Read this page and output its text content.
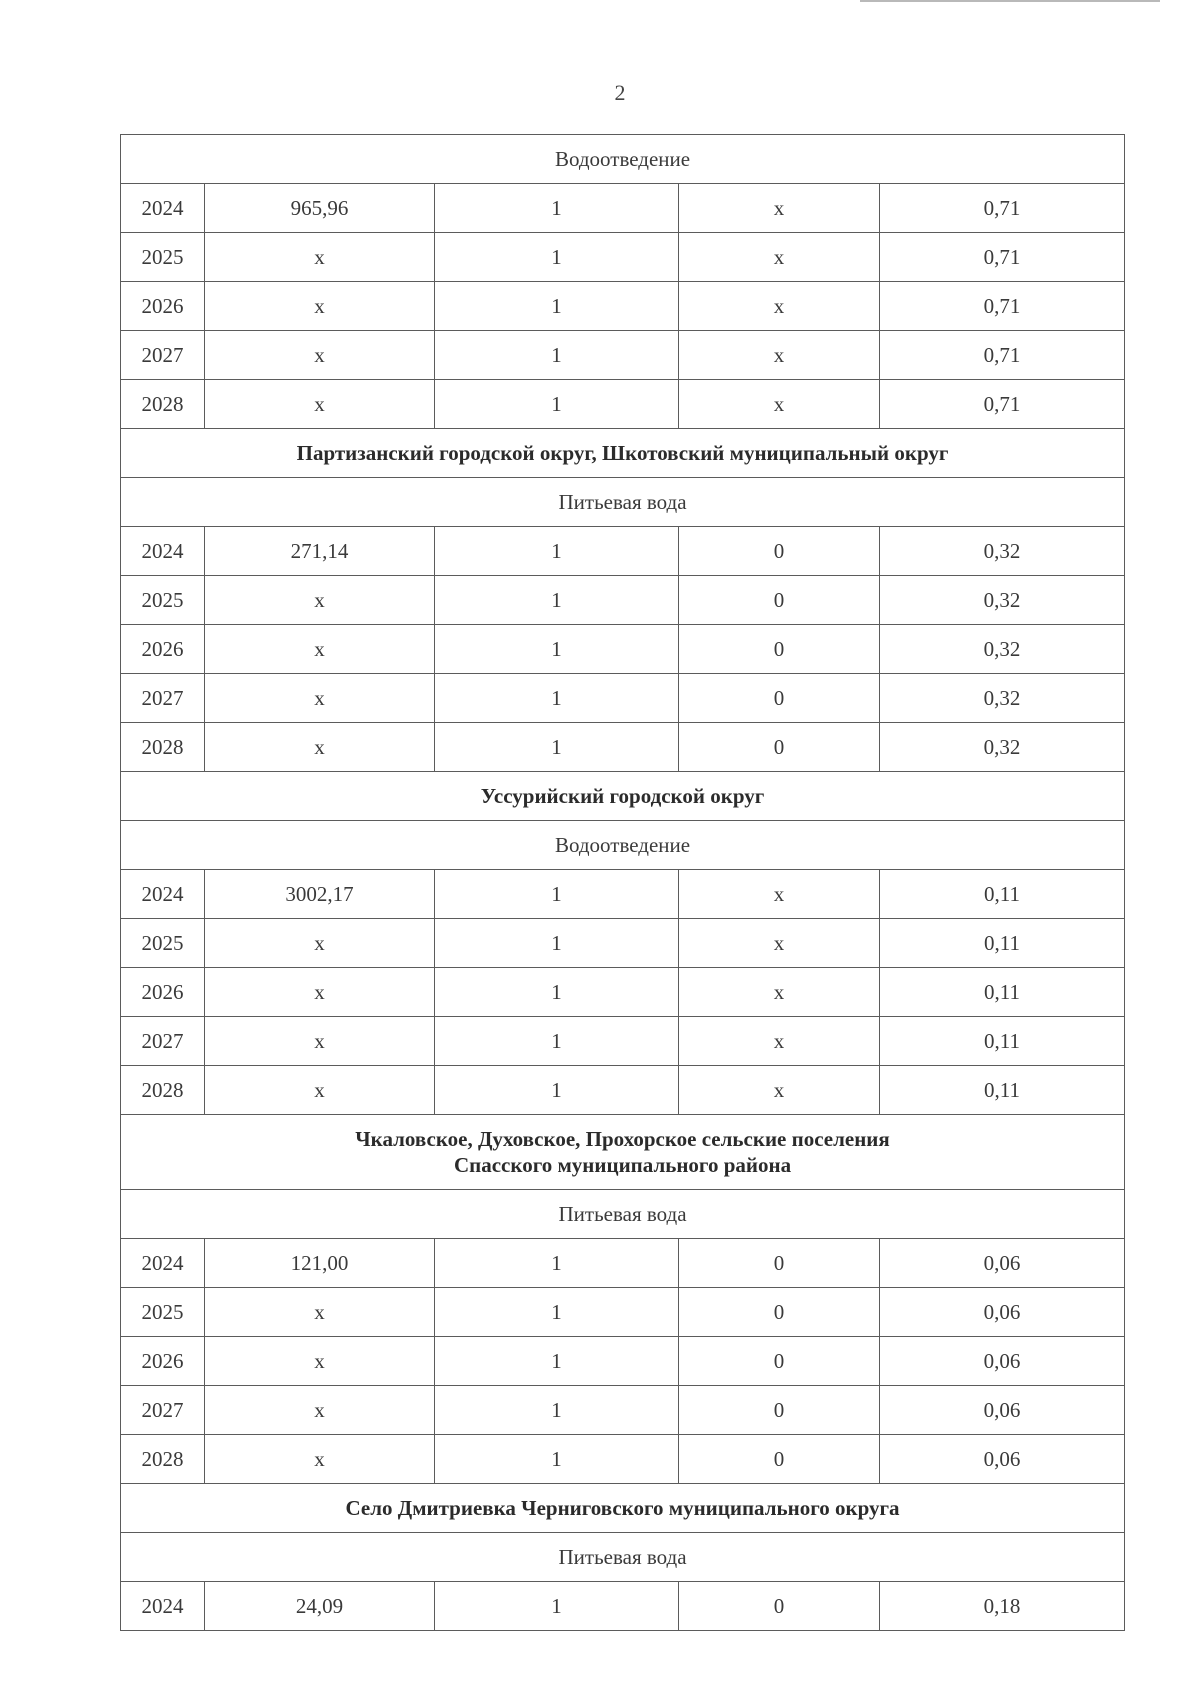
2
Водоотведение				
2024	965,96	1	x	0,71
2025	x	1	x	0,71
2026	x	1	x	0,71
2027	x	1	x	0,71
2028	x	1	x	0,71
Партизанский городской округ, Шкотовский муниципальный округ				
Питьевая вода				
2024	271,14	1	0	0,32
2025	x	1	0	0,32
2026	x	1	0	0,32
2027	x	1	0	0,32
2028	x	1	0	0,32
Уссурийский городской округ				
Водоотведение				
2024	3002,17	1	x	0,11
2025	x	1	x	0,11
2026	x	1	x	0,11
2027	x	1	x	0,11
2028	x	1	x	0,11
Чкаловское, Духовское, Прохорское сельские поселения
Спасского муниципального района				
Питьевая вода				
2024	121,00	1	0	0,06
2025	x	1	0	0,06
2026	x	1	0	0,06
2027	x	1	0	0,06
2028	x	1	0	0,06
Село Дмитриевка Черниговского муниципального округа				
Питьевая вода				
2024	24,09	1	0	0,18
